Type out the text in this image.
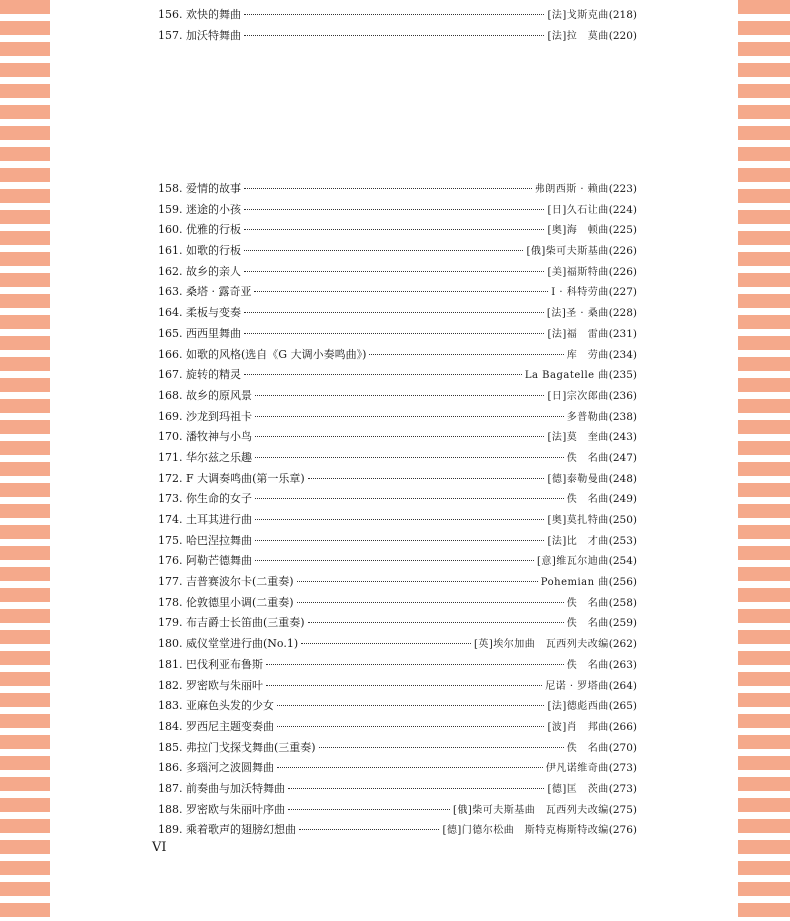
156. 欢快的舞曲	[法]戈斯克曲 (218)
157. 加沃特舞曲	[法]拉　莫曲 (220)
158. 爱情的故事	弗朗西斯 · 赖曲 (223)
159. 迷途的小孩	[日]久石让曲 (224)
160. 优雅的行板	[奥]海　顿曲 (225)
161. 如歌的行板	[俄]柴可夫斯基曲 (226)
162. 故乡的亲人	[美]福斯特曲 (226)
163. 桑塔 · 露奇亚	I · 科特劳曲 (227)
164. 柔板与变奏	[法]圣 · 桑曲 (228)
165. 西西里舞曲	[法]福　雷曲 (231)
166. 如歌的风格(选自《G 大调小奏鸣曲》)	库　劳曲 (234)
167. 旋转的精灵	La Bagatelle 曲 (235)
168. 故乡的原风景	[日]宗次郎曲 (236)
169. 沙龙到玛祖卡	多普勒曲 (238)
170. 潘牧神与小鸟	[法]莫　奎曲 (243)
171. 华尔兹之乐趣	佚　名曲 (247)
172. F 大调奏鸣曲(第一乐章)	[德]泰勒曼曲 (248)
173. 你生命的女子	佚　名曲 (249)
174. 土耳其进行曲	[奥]莫扎特曲 (250)
175. 哈巴涅拉舞曲	[法]比　才曲 (253)
176. 阿勒芒德舞曲	[意]维瓦尔迪曲 (254)
177. 吉普赛波尔卡(二重奏)	Pohemian 曲 (256)
178. 伦敦德里小调(二重奏)	佚　名曲 (258)
179. 布吉爵士长笛曲(三重奏)	佚　名曲 (259)
180. 威仪堂堂进行曲(No.1)	[英]埃尔加曲　瓦西列夫改编 (262)
181. 巴伐利亚布鲁斯	佚　名曲 (263)
182. 罗密欧与朱丽叶	尼诺 · 罗塔曲 (264)
183. 亚麻色头发的少女	[法]德彪西曲 (265)
184. 罗西尼主题变奏曲	[波]肖　邦曲 (266)
185. 弗拉门戈探戈舞曲(三重奏)	佚　名曲 (270)
186. 多瑙河之波圆舞曲	伊凡诺维奇曲 (273)
187. 前奏曲与加沃特舞曲	[德]匡　茨曲 (273)
188. 罗密欧与朱丽叶序曲	[俄]柴可夫斯基曲　瓦西列夫改编 (275)
189. 乘着歌声的翅膀幻想曲	[德]门德尔松曲　斯特克梅斯特改编 (276)
VI
